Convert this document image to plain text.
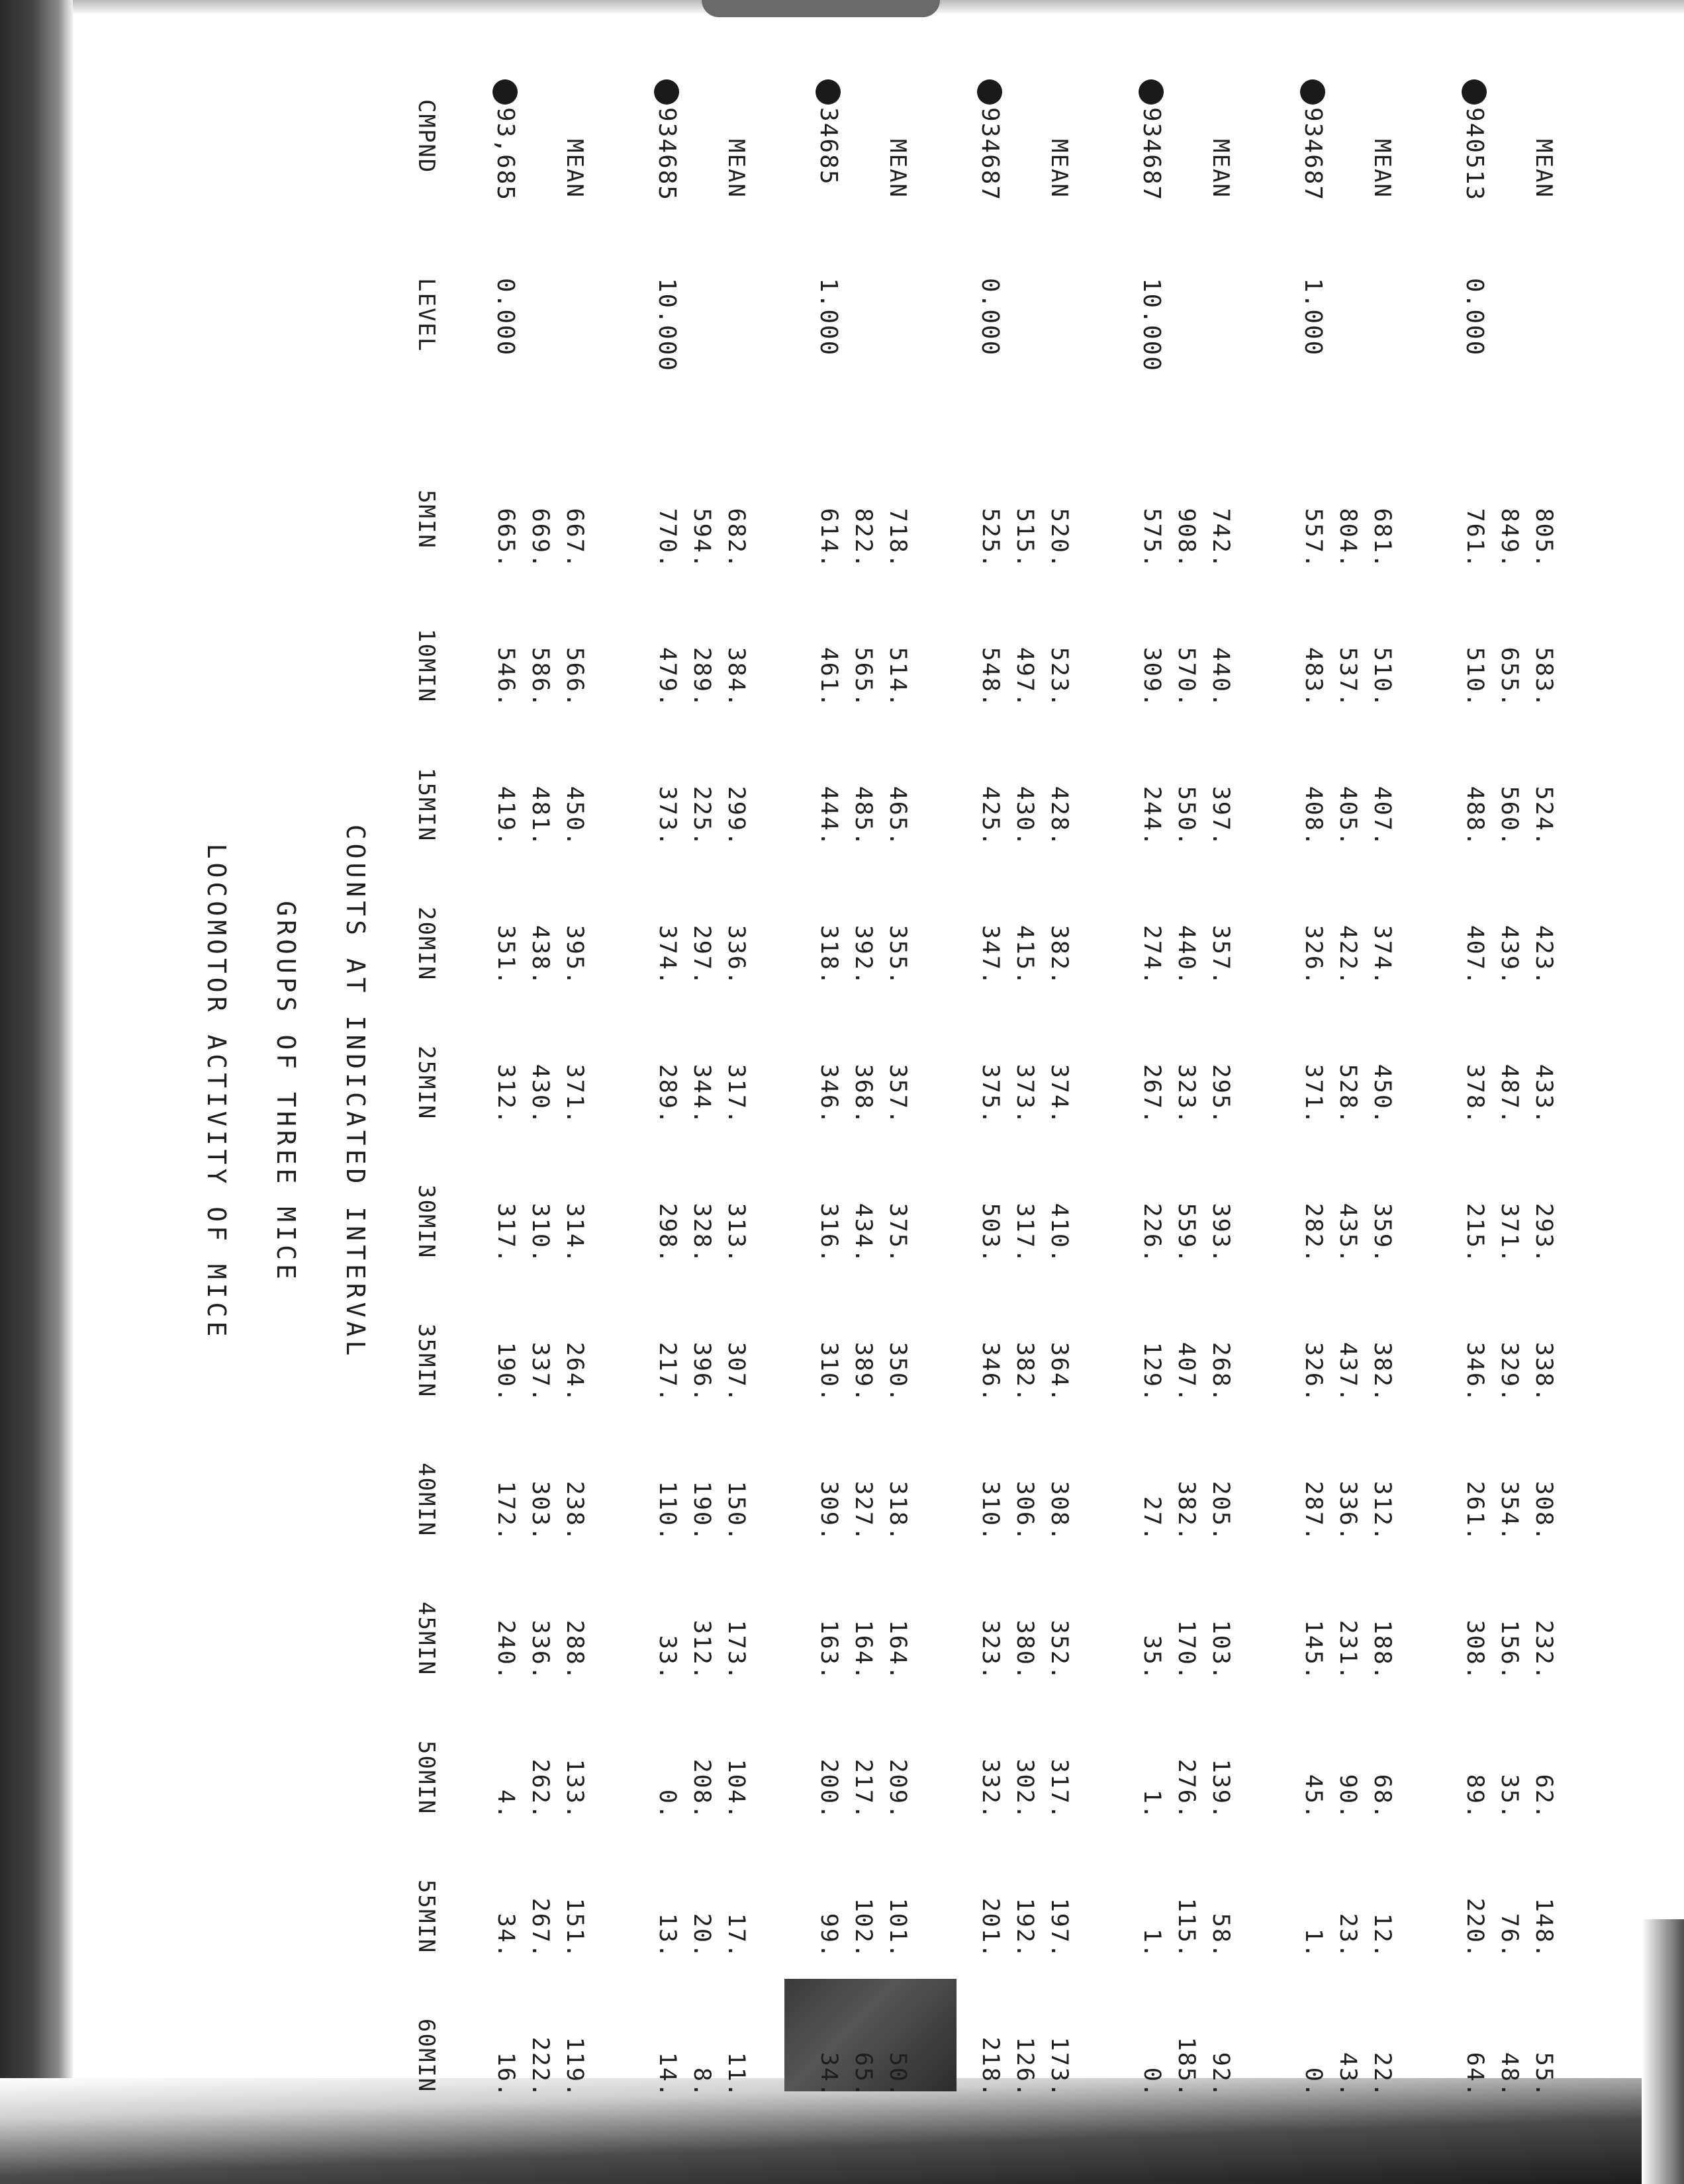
LOCOMOTOR ACTIVITY OF MICE GROUPS OF THREE MICE COUNTS AT INDICATED INTERVAL
CMPND
LEVEL
5MIN
10MIN
15MIN
20MIN
25MIN
30MIN
35MIN
40MIN
45MIN
50MIN
55MIN
60MIN
93,685
0.000
MEAN
665.
546.
419.
351.
312.
317.
190.
172.
240.
4.
34.
16.
669.
586.
481.
438.
430.
310.
337.
303.
336.
262.
267.
222.
667.
566.
450.
395.
371.
314.
264.
238.
288.
133.
151.
119.
934685
10.000
MEAN
770.
479.
373.
374.
289.
298.
217.
110.
33.
0.
13.
14.
594.
289.
225.
297.
344.
328.
396.
190.
312.
208.
20.
8.
682.
384.
299.
336.
317.
313.
307.
150.
173.
104.
17.
11.
34685
1.000
MEAN
614.
461.
444.
318.
346.
316.
310.
309.
163.
200.
99.
34.
822.
565.
485.
392.
368.
434.
389.
327.
164.
217.
102.
65.
718.
514.
465.
355.
357.
375.
350.
318.
164.
209.
101.
50.
934687
0.000
MEAN
525.
548.
425.
347.
375.
503.
346.
310.
323.
332.
201.
218.
515.
497.
430.
415.
373.
317.
382.
306.
380.
302.
192.
126.
520.
523.
428.
382.
374.
410.
364.
308.
352.
317.
197.
173.
934687
10.000
MEAN
575.
309.
244.
274.
267.
226.
129.
27.
35.
1.
1.
0.
908.
570.
550.
440.
323.
559.
407.
382.
170.
276.
115.
185.
742.
440.
397.
357.
295.
393.
268.
205.
103.
139.
58.
92.
934687
1.000
MEAN
557.
483.
408.
326.
371.
282.
326.
287.
145.
45.
1.
0.
804.
537.
405.
422.
528.
435.
437.
336.
231.
90.
23.
43.
681.
510.
407.
374.
450.
359.
382.
312.
188.
68.
12.
22.
940513
0.000
MEAN
761.
510.
488.
407.
378.
215.
346.
261.
308.
89.
220.
64.
849.
655.
560.
439.
487.
371.
329.
354.
156.
35.
76.
48.
805.
583.
524.
423.
433.
293.
338.
308.
232.
62.
148.
55.
